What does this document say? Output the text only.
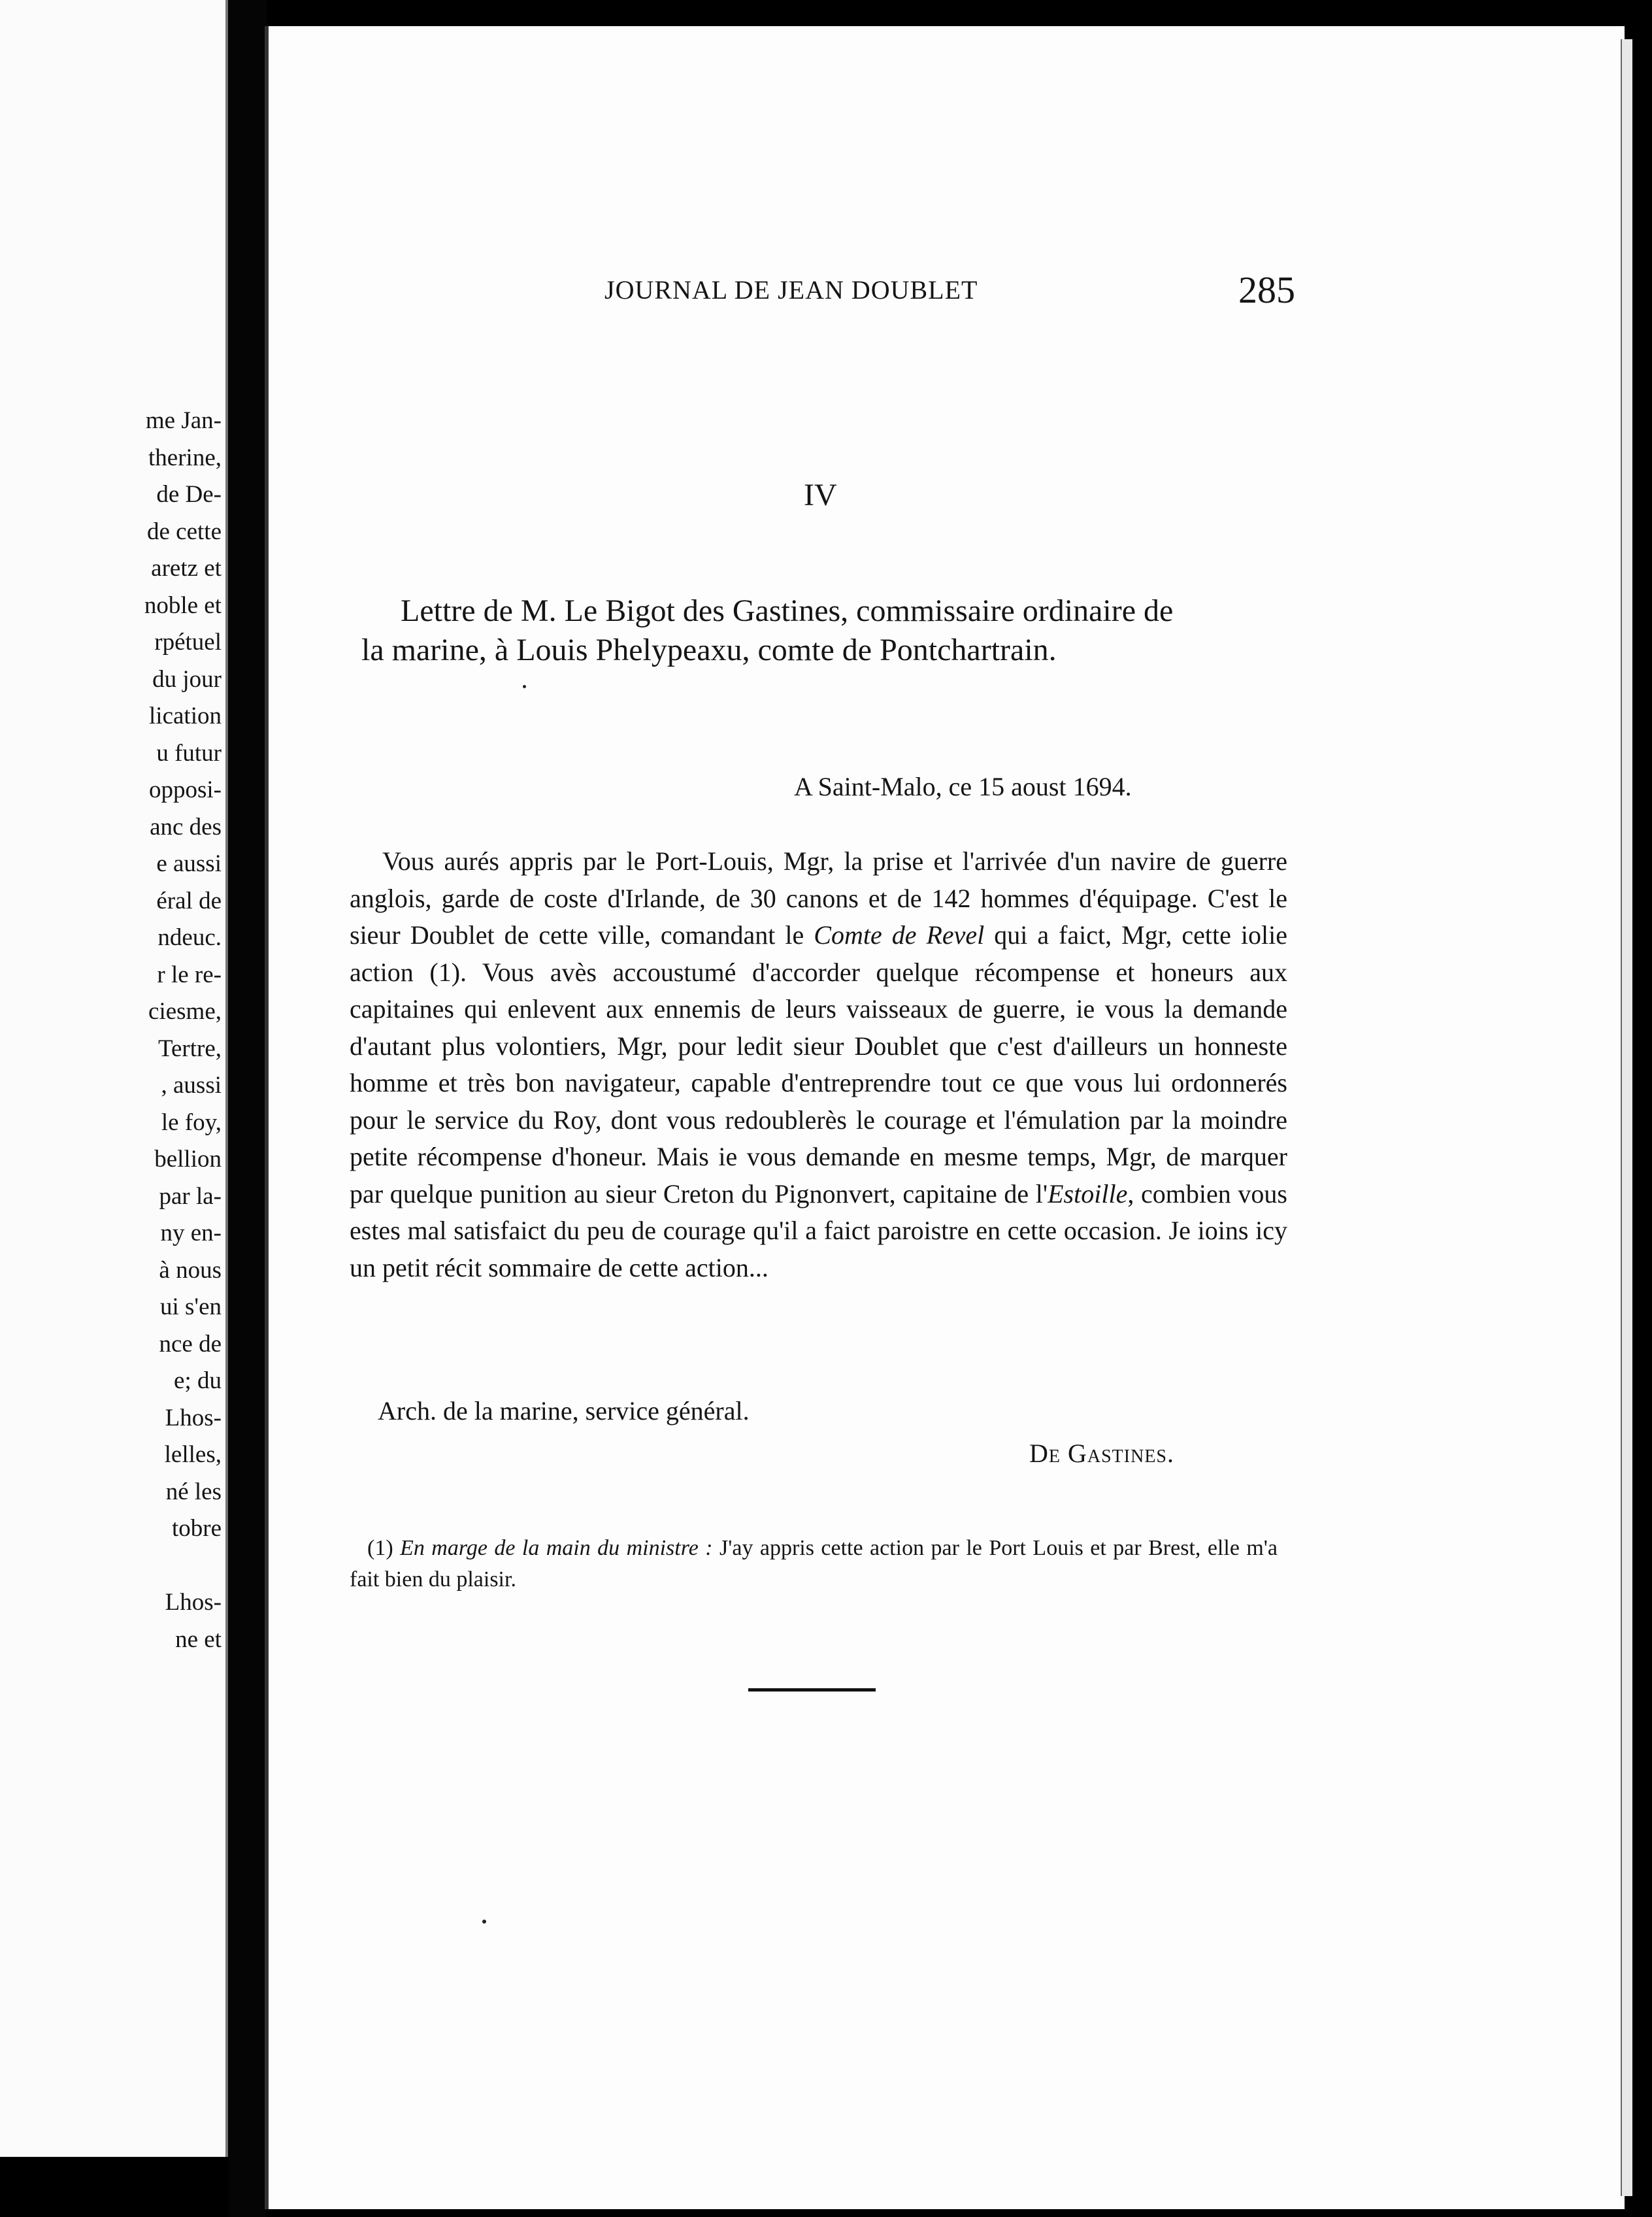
me Jan-
therine,
de De-
de cette
aretz et
noble et
rpétuel
du jour
lication
u futur
opposi-
anc des
e aussi
éral de
ndeuc.
r le re-
ciesme,
Tertre,
, aussi
le foy,
bellion
par la-
ny en-
à nous
ui s'en
nce de
e; du
Lhos-
lelles,
né les
tobre
Lhos-
ne et
JOURNAL DE JEAN DOUBLET	285
IV

Lettre de M. Le Bigot des Gastines, commissaire ordinaire de

la marine, à Louis Phelypeaxu, comte de Pontchartrain.

A Saint-Malo, ce 15 aoust 1694.

Vous aurés appris par le Port-Louis, Mgr, la prise et l'arrivée d'un navire de guerre anglois, garde de coste d'Irlande, de 30 canons et de 142 hommes d'équipage. C'est le sieur Doublet de cette ville, comandant le Comte de Revel qui a faict, Mgr, cette iolie action (1). Vous avès accoustumé d'accorder quelque récompense et honeurs aux capitaines qui enlevent aux ennemis de leurs vaisseaux de guerre, ie vous la demande d'autant plus volontiers, Mgr, pour ledit sieur Doublet que c'est d'ailleurs un honneste homme et très bon navigateur, capable d'entreprendre tout ce que vous lui ordonnerés pour le service du Roy, dont vous redoublerès le courage et l'émulation par la moindre petite récompense d'honeur. Mais ie vous demande en mesme temps, Mgr, de marquer par quelque punition au sieur Creton du Pignonvert, capitaine de l'Estoille, combien vous estes mal satisfaict du peu de courage qu'il a faict paroistre en cette occasion. Je ioins icy un petit récit sommaire de cette action...

Arch. de la marine, service général.
De Gastines.
(1) En marge de la main du ministre : J'ay appris cette action par le Port Louis et par Brest, elle m'a fait bien du plaisir.
